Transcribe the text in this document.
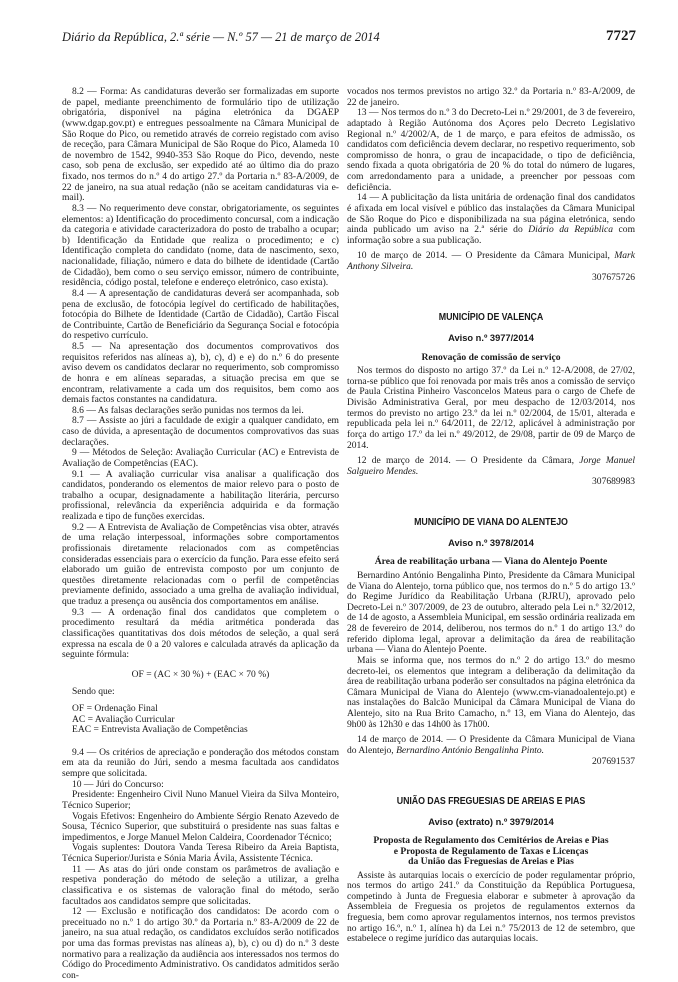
Diário da República, 2.ª série — N.º 57 — 21 de março de 2014	7727

8.2 — Forma: As candidaturas deverão ser formalizadas em suporte de papel, mediante preenchimento de formulário tipo de utilização obrigatória, disponível na página eletrónica da DGAEP (www.dgap.gov.pt) e entregues pessoalmente na Câmara Municipal de São Roque do Pico, ou remetido através de correio registado com aviso de receção, para Câmara Municipal de São Roque do Pico, Alameda 10 de novembro de 1542, 9940-353 São Roque do Pico, devendo, neste caso, sob pena de exclusão, ser expedido até ao último dia do prazo fixado, nos termos do n.º 4 do artigo 27.º da Portaria n.º 83-A/2009, de 22 de janeiro, na sua atual redação (não se aceitam candidaturas via e-mail).

8.3 — No requerimento deve constar, obrigatoriamente, os seguintes elementos: a) Identificação do procedimento concursal, com a indicação da categoria e atividade caracterizadora do posto de trabalho a ocupar; b) Identificação da Entidade que realiza o procedimento; e c) Identificação completa do candidato (nome, data de nascimento, sexo, nacionalidade, filiação, número e data do bilhete de identidade (Cartão de Cidadão), bem como o seu serviço emissor, número de contribuinte, residência, código postal, telefone e endereço eletrónico, caso exista).

8.4 — A apresentação de candidaturas deverá ser acompanhada, sob pena de exclusão, de fotocópia legível do certificado de habilitações, fotocópia do Bilhete de Identidade (Cartão de Cidadão), Cartão Fiscal de Contribuinte, Cartão de Beneficiário da Segurança Social e fotocópia do respetivo currículo.

8.5 — Na apresentação dos documentos comprovativos dos requisitos referidos nas alíneas a), b), c), d) e e) do n.º 6 do presente aviso devem os candidatos declarar no requerimento, sob compromisso de honra e em alíneas separadas, a situação precisa em que se encontram, relativamente a cada um dos requisitos, bem como aos demais factos constantes na candidatura.

8.6 — As falsas declarações serão punidas nos termos da lei.

8.7 — Assiste ao júri a faculdade de exigir a qualquer candidato, em caso de dúvida, a apresentação de documentos comprovativos das suas declarações.

9 — Métodos de Seleção: Avaliação Curricular (AC) e Entrevista de Avaliação de Competências (EAC).

9.1 — A avaliação curricular visa analisar a qualificação dos candidatos, ponderando os elementos de maior relevo para o posto de trabalho a ocupar, designadamente a habilitação literária, percurso profissional, relevância da experiência adquirida e da formação realizada e tipo de funções exercidas.

9.2 — A Entrevista de Avaliação de Competências visa obter, através de uma relação interpessoal, informações sobre comportamentos profissionais diretamente relacionados com as competências consideradas essenciais para o exercício da função. Para esse efeito será elaborado um guião de entrevista composto por um conjunto de questões diretamente relacionadas com o perfil de competências previamente definido, associado a uma grelha de avaliação individual, que traduz a presença ou ausência dos comportamentos em análise.

9.3 — A ordenação final dos candidatos que completem o procedimento resultará da média aritmética ponderada das classificações quantitativas dos dois métodos de seleção, a qual será expressa na escala de 0 a 20 valores e calculada através da aplicação da seguinte fórmula:

OF = (AC × 30 %) + (EAC × 70 %)

Sendo que:

OF = Ordenação Final
AC = Avaliação Curricular
EAC = Entrevista Avaliação de Competências

9.4 — Os critérios de apreciação e ponderação dos métodos constam em ata da reunião do Júri, sendo a mesma facultada aos candidatos sempre que solicitada.

10 — Júri do Concurso:

Presidente: Engenheiro Civil Nuno Manuel Vieira da Silva Monteiro, Técnico Superior;

Vogais Efetivos: Engenheiro do Ambiente Sérgio Renato Azevedo de Sousa, Técnico Superior, que substituirá o presidente nas suas faltas e impedimentos, e Jorge Manuel Melon Caldeira, Coordenador Técnico;

Vogais suplentes: Doutora Vanda Teresa Ribeiro da Areia Baptista, Técnica Superior/Jurista e Sónia Maria Ávila, Assistente Técnica.

11 — As atas do júri onde constam os parâmetros de avaliação e respetiva ponderação do método de seleção a utilizar, a grelha classificativa e os sistemas de valoração final do método, serão facultados aos candidatos sempre que solicitadas.

12 — Exclusão e notificação dos candidatos: De acordo com o preceituado no n.º 1 do artigo 30.º da Portaria n.º 83-A/2009 de 22 de janeiro, na sua atual redação, os candidatos excluídos serão notificados por uma das formas previstas nas alíneas a), b), c) ou d) do n.º 3 deste normativo para a realização da audiência aos interessados nos termos do Código do Procedimento Administrativo. Os candidatos admitidos serão con-

vocados nos termos previstos no artigo 32.º da Portaria n.º 83-A/2009, de 22 de janeiro.

13 — Nos termos do n.º 3 do Decreto-Lei n.º 29/2001, de 3 de fevereiro, adaptado à Região Autónoma dos Açores pelo Decreto Legislativo Regional n.º 4/2002/A, de 1 de março, e para efeitos de admissão, os candidatos com deficiência devem declarar, no respetivo requerimento, sob compromisso de honra, o grau de incapacidade, o tipo de deficiência, sendo fixada a quota obrigatória de 20 % do total do número de lugares, com arredondamento para a unidade, a preencher por pessoas com deficiência.

14 — A publicitação da lista unitária de ordenação final dos candidatos é afixada em local visível e público das instalações da Câmara Municipal de São Roque do Pico e disponibilizada na sua página eletrónica, sendo ainda publicado um aviso na 2.ª série do Diário da República com informação sobre a sua publicação.

10 de março de 2014. — O Presidente da Câmara Municipal, Mark Anthony Silveira.

307675726

MUNICÍPIO DE VALENÇA
Aviso n.º 3977/2014
Renovação de comissão de serviço

Nos termos do disposto no artigo 37.º da Lei n.º 12-A/2008, de 27/02, torna-se público que foi renovada por mais três anos a comissão de serviço de Paula Cristina Pinheiro Vasconcelos Mateus para o cargo de Chefe de Divisão Administrativa Geral, por meu despacho de 12/03/2014, nos termos do previsto no artigo 23.º da lei n.º 02/2004, de 15/01, alterada e republicada pela lei n.º 64/2011, de 22/12, aplicável à administração por força do artigo 17.º da lei n.º 49/2012, de 29/08, partir de 09 de Março de 2014.

12 de março de 2014. — O Presidente da Câmara, Jorge Manuel Salgueiro Mendes.

307689983

MUNICÍPIO DE VIANA DO ALENTEJO
Aviso n.º 3978/2014
Área de reabilitação urbana — Viana do Alentejo Poente

Bernardino António Bengalinha Pinto, Presidente da Câmara Municipal de Viana do Alentejo, torna público que, nos termos do n.º 5 do artigo 13.º do Regime Jurídico da Reabilitação Urbana (RJRU), aprovado pelo Decreto-Lei n.º 307/2009, de 23 de outubro, alterado pela Lei n.º 32/2012, de 14 de agosto, a Assembleia Municipal, em sessão ordinária realizada em 28 de fevereiro de 2014, deliberou, nos termos do n.º 1 do artigo 13.º do referido diploma legal, aprovar a delimitação da área de reabilitação urbana — Viana do Alentejo Poente.

Mais se informa que, nos termos do n.º 2 do artigo 13.º do mesmo decreto-lei, os elementos que integram a deliberação da delimitação da área de reabilitação urbana poderão ser consultados na página eletrónica da Câmara Municipal de Viana do Alentejo (www.cm-vianadoalentejo.pt) e nas instalações do Balcão Municipal da Câmara Municipal de Viana do Alentejo, sito na Rua Brito Camacho, n.º 13, em Viana do Alentejo, das 9h00 às 12h30 e das 14h00 às 17h00.

14 de março de 2014. — O Presidente da Câmara Municipal de Viana do Alentejo, Bernardino António Bengalinha Pinto.

207691537

UNIÃO DAS FREGUESIAS DE AREIAS E PIAS
Aviso (extrato) n.º 3979/2014
Proposta de Regulamento dos Cemitérios de Areias e Pias
e Proposta de Regulamento de Taxas e Licenças
da União das Freguesias de Areias e Pias

Assiste às autarquias locais o exercício de poder regulamentar próprio, nos termos do artigo 241.º da Constituição da República Portuguesa, competindo à Junta de Freguesia elaborar e submeter à aprovação da Assembleia de Freguesia os projetos de regulamentos externos da freguesia, bem como aprovar regulamentos internos, nos termos previstos no artigo 16.º, n.º 1, alínea h) da Lei n.º 75/2013 de 12 de setembro, que estabelece o regime jurídico das autarquias locais.
